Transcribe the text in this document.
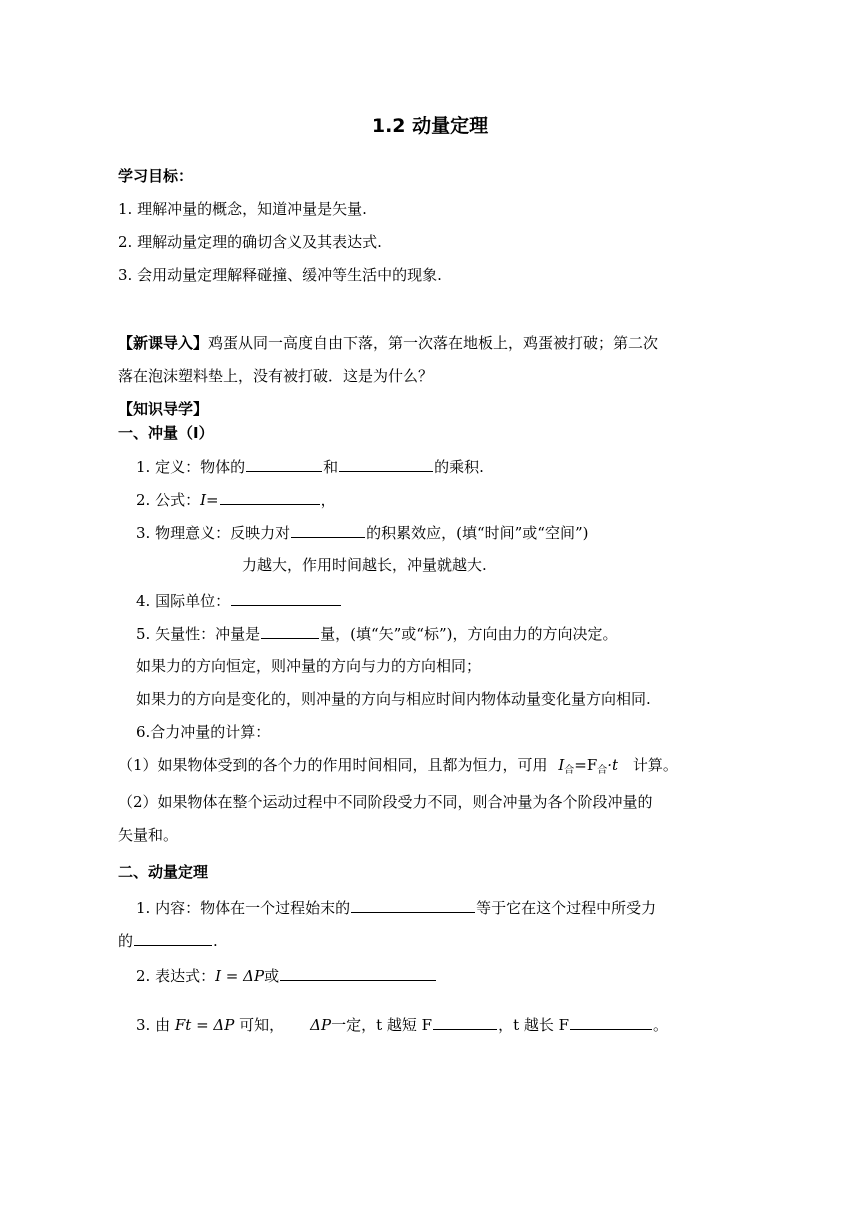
1.2 动量定理
学习目标：
1. 理解冲量的概念，知道冲量是矢量.
2. 理解动量定理的确切含义及其表达式.
3. 会用动量定理解释碰撞、缓冲等生活中的现象.
【新课导入】鸡蛋从同一高度自由下落，第一次落在地板上，鸡蛋被打破；第二次
落在泡沫塑料垫上，没有被打破．这是为什么？
【知识导学】
一、冲量（I）
1. 定义：物体的	和	的乘积.
2. 公式：I=	，
3. 物理意义：反映力对	的积累效应，(填“时间”或“空间”)
力越大，作用时间越长，冲量就越大.
4. 国际单位：
5. 矢量性：冲量是	量，(填“矢”或“标”)，方向由力的方向决定。
如果力的方向恒定，则冲量的方向与力的方向相同；
如果力的方向是变化的，则冲量的方向与相应时间内物体动量变化量方向相同.
6.合力冲量的计算：
（1）如果物体受到的各个力的作用时间相同，且都为恒力，可用 $I_合=F_合\cdot t$ 计算。
（2）如果物体在整个运动过程中不同阶段受力不同，则合冲量为各个阶段冲量的
矢量和。
二、动量定理
1. 内容：物体在一个过程始末的	等于它在这个过程中所受力
的	.
2. 表达式：I = ΔP或
3. 由 Ft = ΔP 可知， ΔP一定，t 越短 F	，t 越长 F	。
